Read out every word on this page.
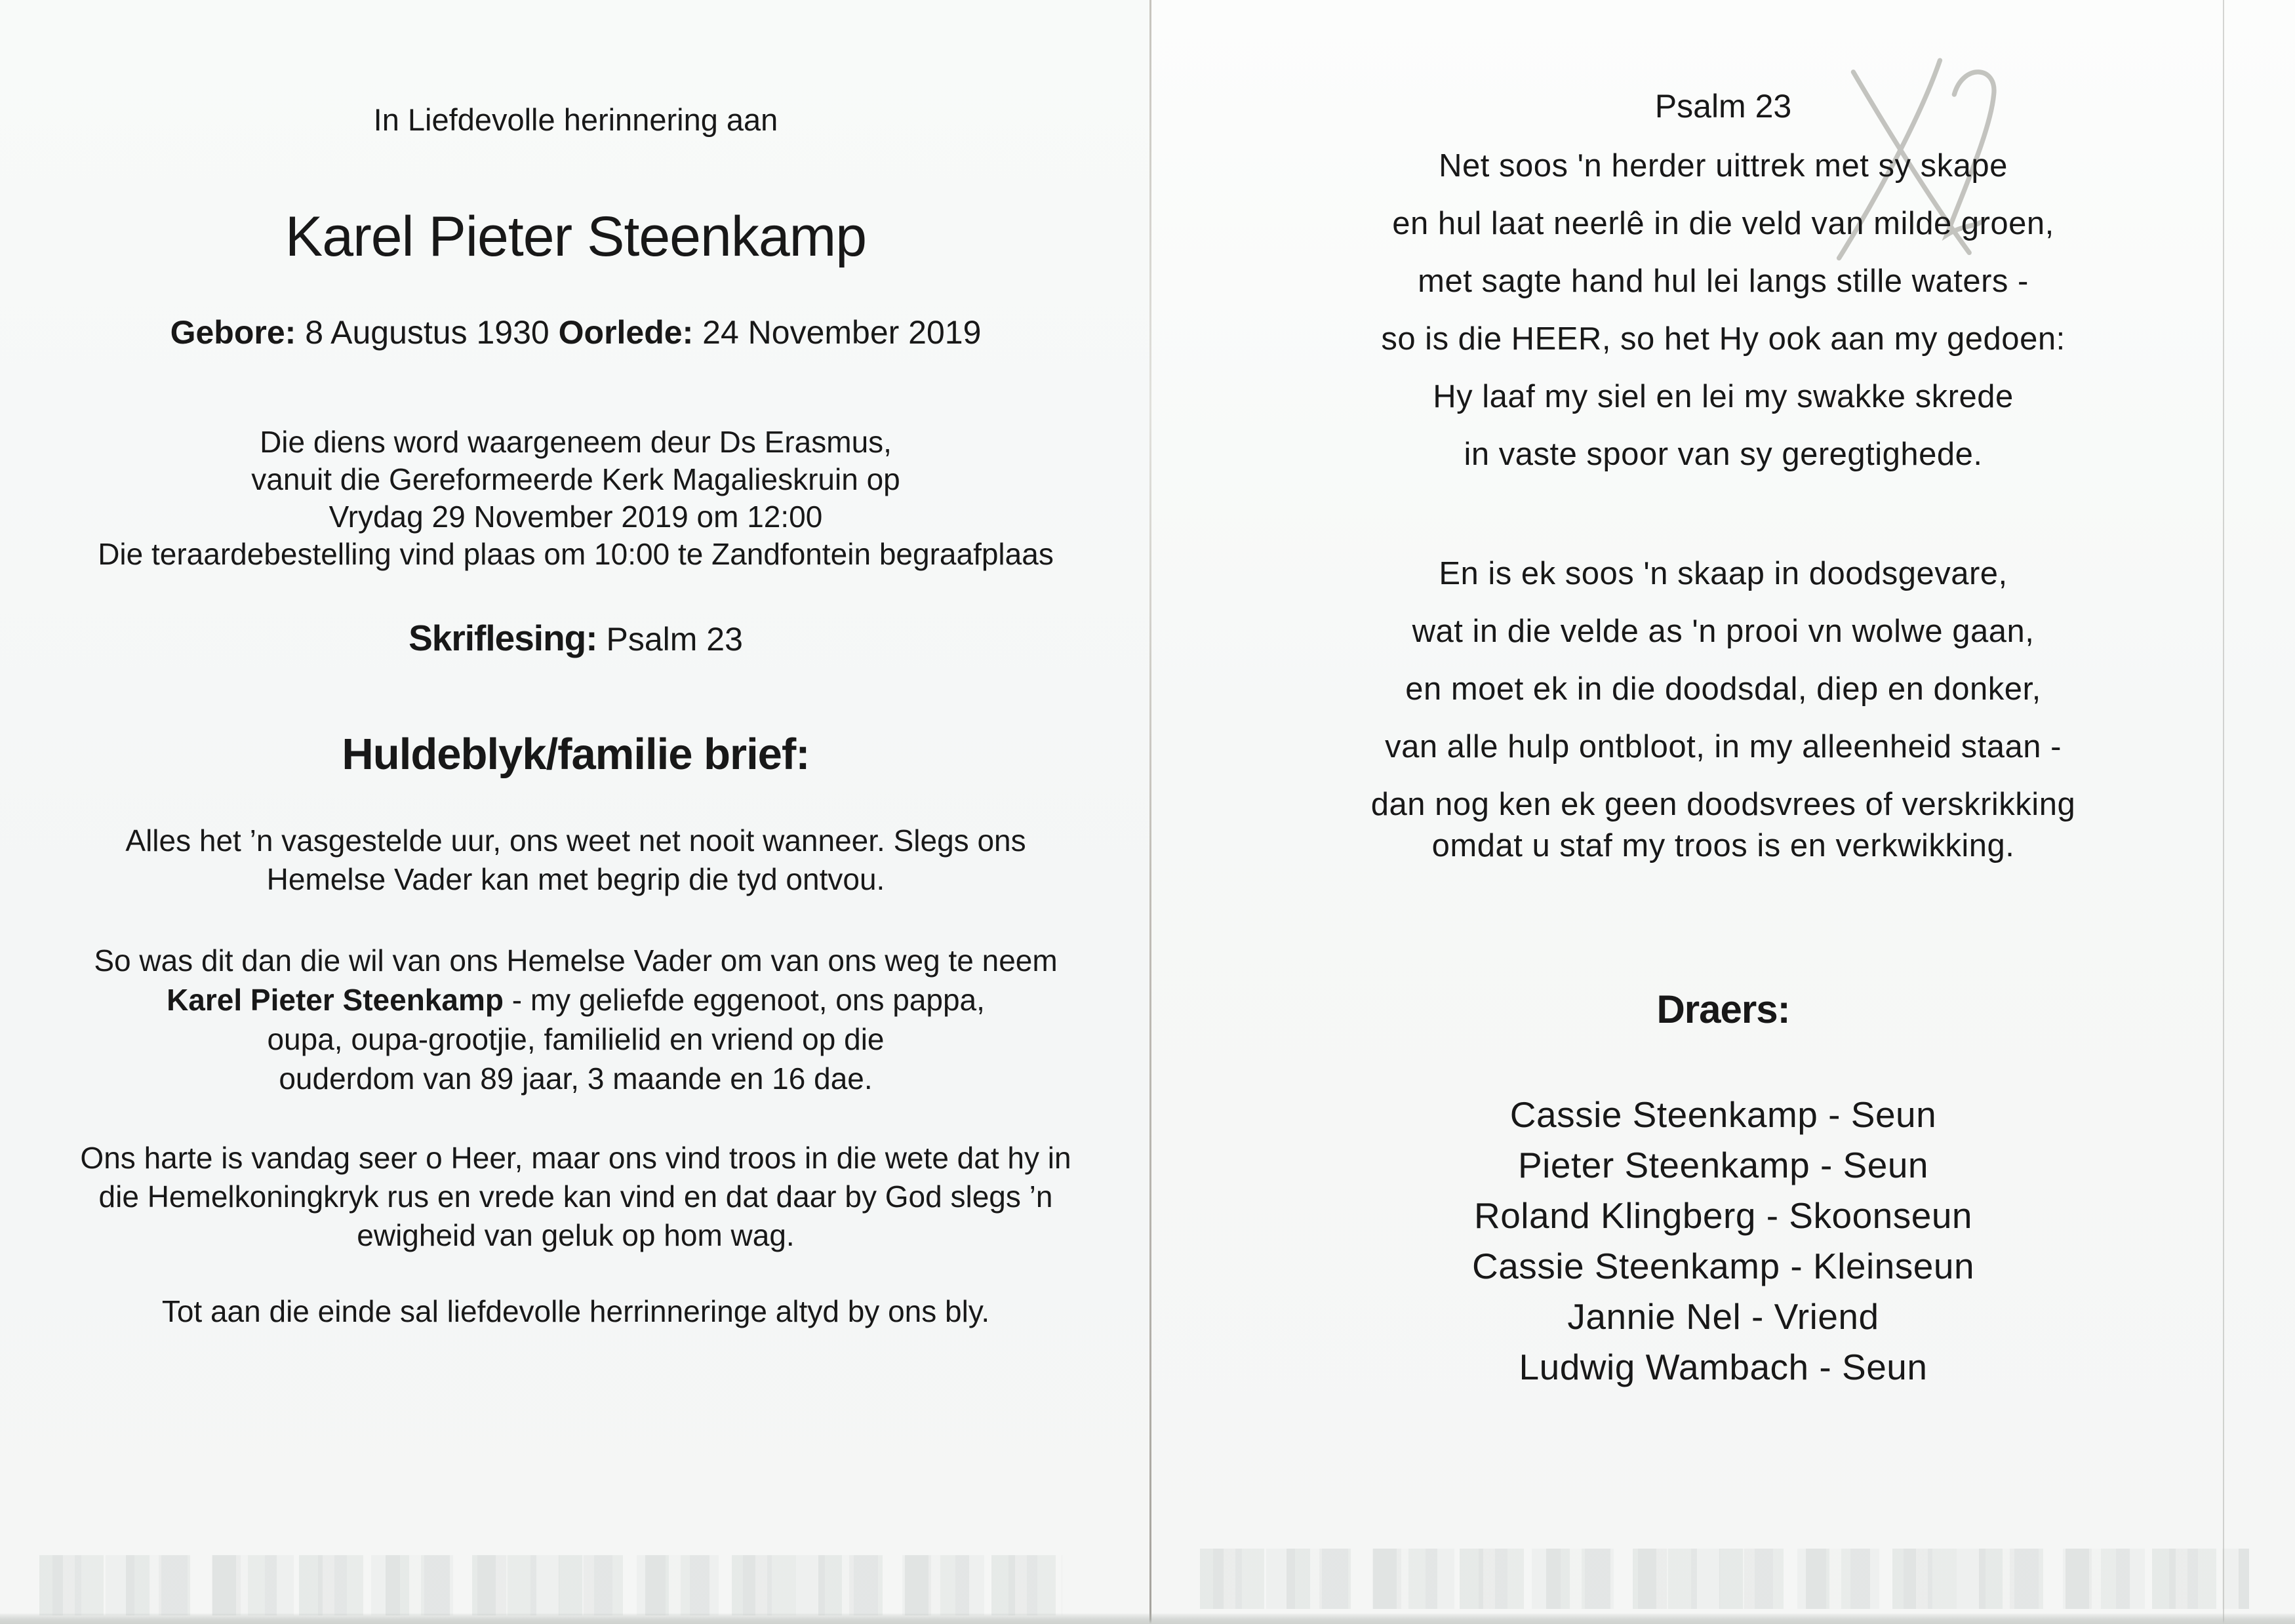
In Liefdevolle herinnering aan
Karel Pieter Steenkamp
Gebore: 8 Augustus 1930 Oorlede: 24 November 2019
Die diens word waargeneem deur Ds Erasmus,
vanuit die Gereformeerde Kerk Magalieskruin op
Vrydag 29 November 2019 om 12:00
Die teraardebestelling vind plaas om 10:00 te Zandfontein begraafplaas
Skriflesing: Psalm 23
Huldeblyk/familie brief:
Alles het ’n vasgestelde uur, ons weet net nooit wanneer. Slegs ons
Hemelse Vader kan met begrip die tyd ontvou.
So was dit dan die wil van ons Hemelse Vader om van ons weg te neem
Karel Pieter Steenkamp - my geliefde eggenoot, ons pappa,
oupa, oupa-grootjie, familielid en vriend op die
ouderdom van 89 jaar, 3 maande en 16 dae.
Ons harte is vandag seer o Heer, maar ons vind troos in die wete dat hy in
die Hemelkoningkryk rus en vrede kan vind en dat daar by God slegs ’n
ewigheid van geluk op hom wag.
Tot aan die einde sal liefdevolle herrinneringe altyd by ons bly.
Psalm 23
Net soos 'n herder uittrek met sy skape
en hul laat neerlê in die veld van milde groen,
met sagte hand hul lei langs stille waters -
so is die HEER, so het Hy ook aan my gedoen:
Hy laaf my siel en lei my swakke skrede
in vaste spoor van sy geregtighede.
En is ek soos 'n skaap in doodsgevare,
wat in die velde as 'n prooi vn wolwe gaan,
en moet ek in die doodsdal, diep en donker,
van alle hulp ontbloot, in my alleenheid staan -
dan nog ken ek geen doodsvrees of verskrikking
omdat u staf my troos is en verkwikking.
Draers:
Cassie Steenkamp - Seun
Pieter Steenkamp - Seun
Roland Klingberg - Skoonseun
Cassie Steenkamp - Kleinseun
Jannie Nel - Vriend
Ludwig Wambach - Seun
